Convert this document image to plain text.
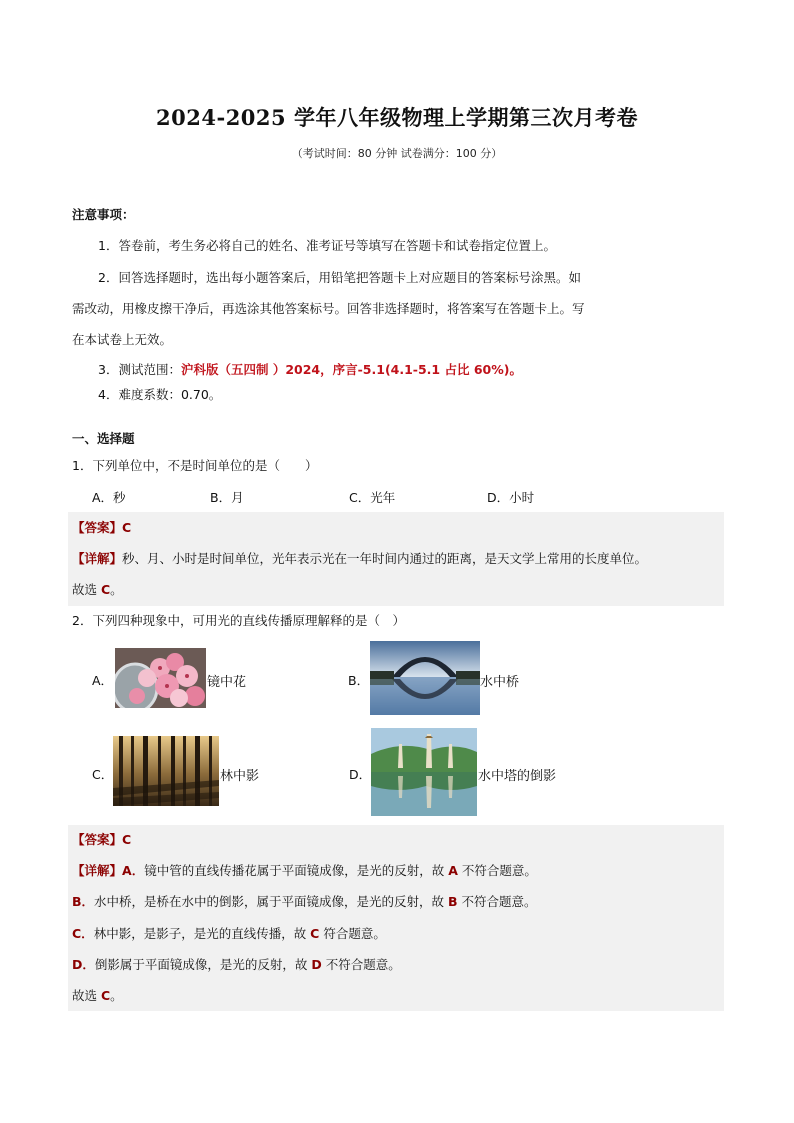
2024-2025 学年八年级物理上学期第三次月考卷
（考试时间：80 分钟 试卷满分：100 分）
注意事项：
1．答卷前，考生务必将自己的姓名、准考证号等填写在答题卡和试卷指定位置上。
2．回答选择题时，选出每小题答案后，用铅笔把答题卡上对应题目的答案标号涂黑。如
需改动，用橡皮擦干净后，再选涂其他答案标号。回答非选择题时，将答案写在答题卡上。写
在本试卷上无效。
3．测试范围：沪科版（五四制 ）2024，序言-5.1(4.1-5.1 占比 60%)。
4．难度系数：0.70。
一、选择题
1．下列单位中，不是时间单位的是（　　）
A．秒	B．月	C．光年	D．小时
【答案】C
【详解】秒、月、小时是时间单位，光年表示光在一年时间内通过的距离，是天文学上常用的长度单位。
故选 C。
2．下列四种现象中，可用光的直线传播原理解释的是（　）
A．	镜中花	B．	水中桥
C．	林中影	D．	水中塔的倒影
【答案】C
【详解】A．镜中管的直线传播花属于平面镜成像，是光的反射，故 A 不符合题意。
B．水中桥，是桥在水中的倒影，属于平面镜成像，是光的反射，故 B 不符合题意。
C．林中影，是影子，是光的直线传播，故 C 符合题意。
D．倒影属于平面镜成像，是光的反射，故 D 不符合题意。
故选 C。
